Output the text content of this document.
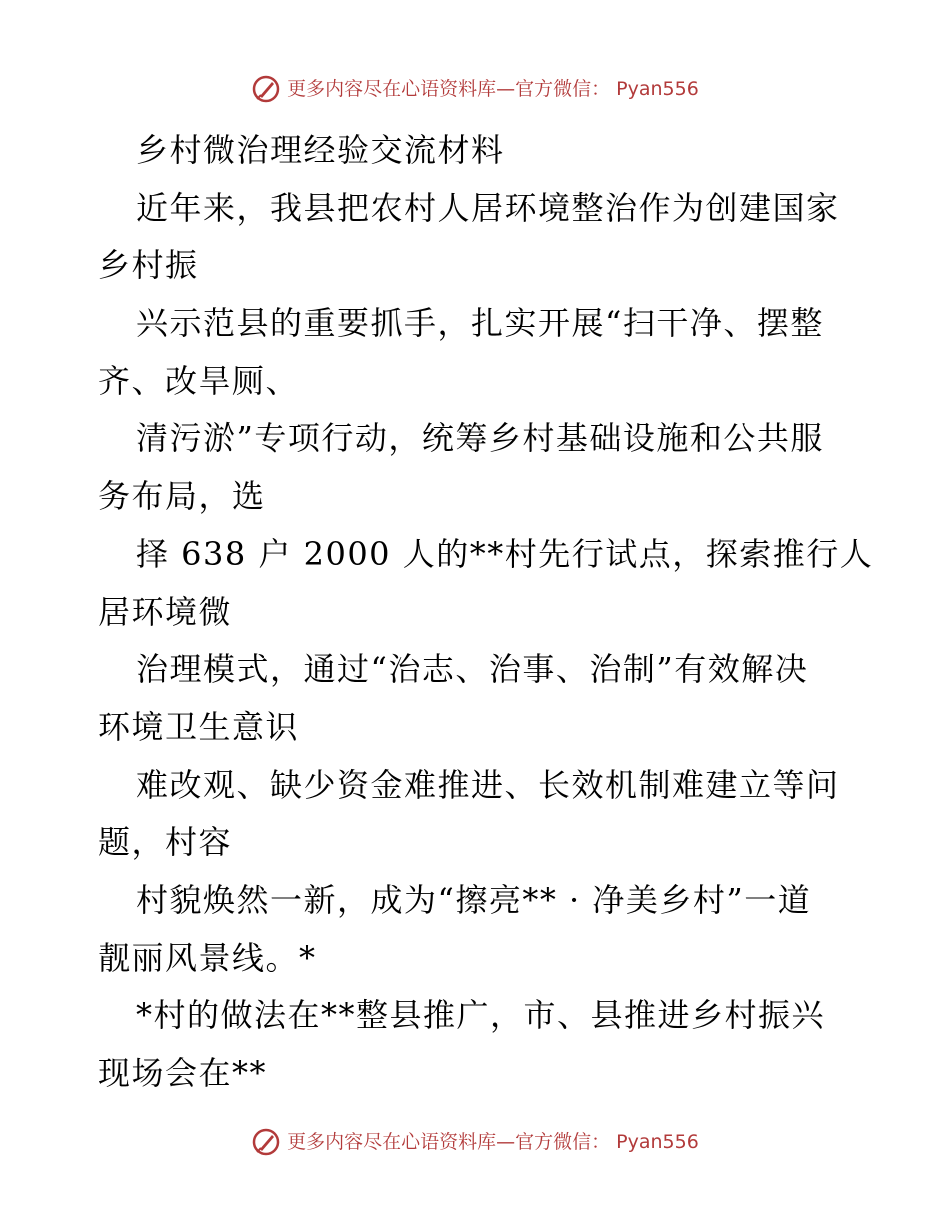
更多内容尽在心语资料库—官方微信： Pyan556
乡村微治理经验交流材料
近年来，我县把农村人居环境整治作为创建国家
乡村振
兴示范县的重要抓手，扎实开展“扫干净、摆整
齐、改旱厕、
清污淤”专项行动，统筹乡村基础设施和公共服
务布局，选
择 638 户 2000 人的**村先行试点，探索推行人
居环境微
治理模式，通过“治志、治事、治制”有效解决
环境卫生意识
难改观、缺少资金难推进、长效机制难建立等问
题，村容
村貌焕然一新，成为“擦亮** · 净美乡村”一道
靓丽风景线。*
*村的做法在**整县推广，市、县推进乡村振兴
现场会在**
更多内容尽在心语资料库—官方微信： Pyan556
